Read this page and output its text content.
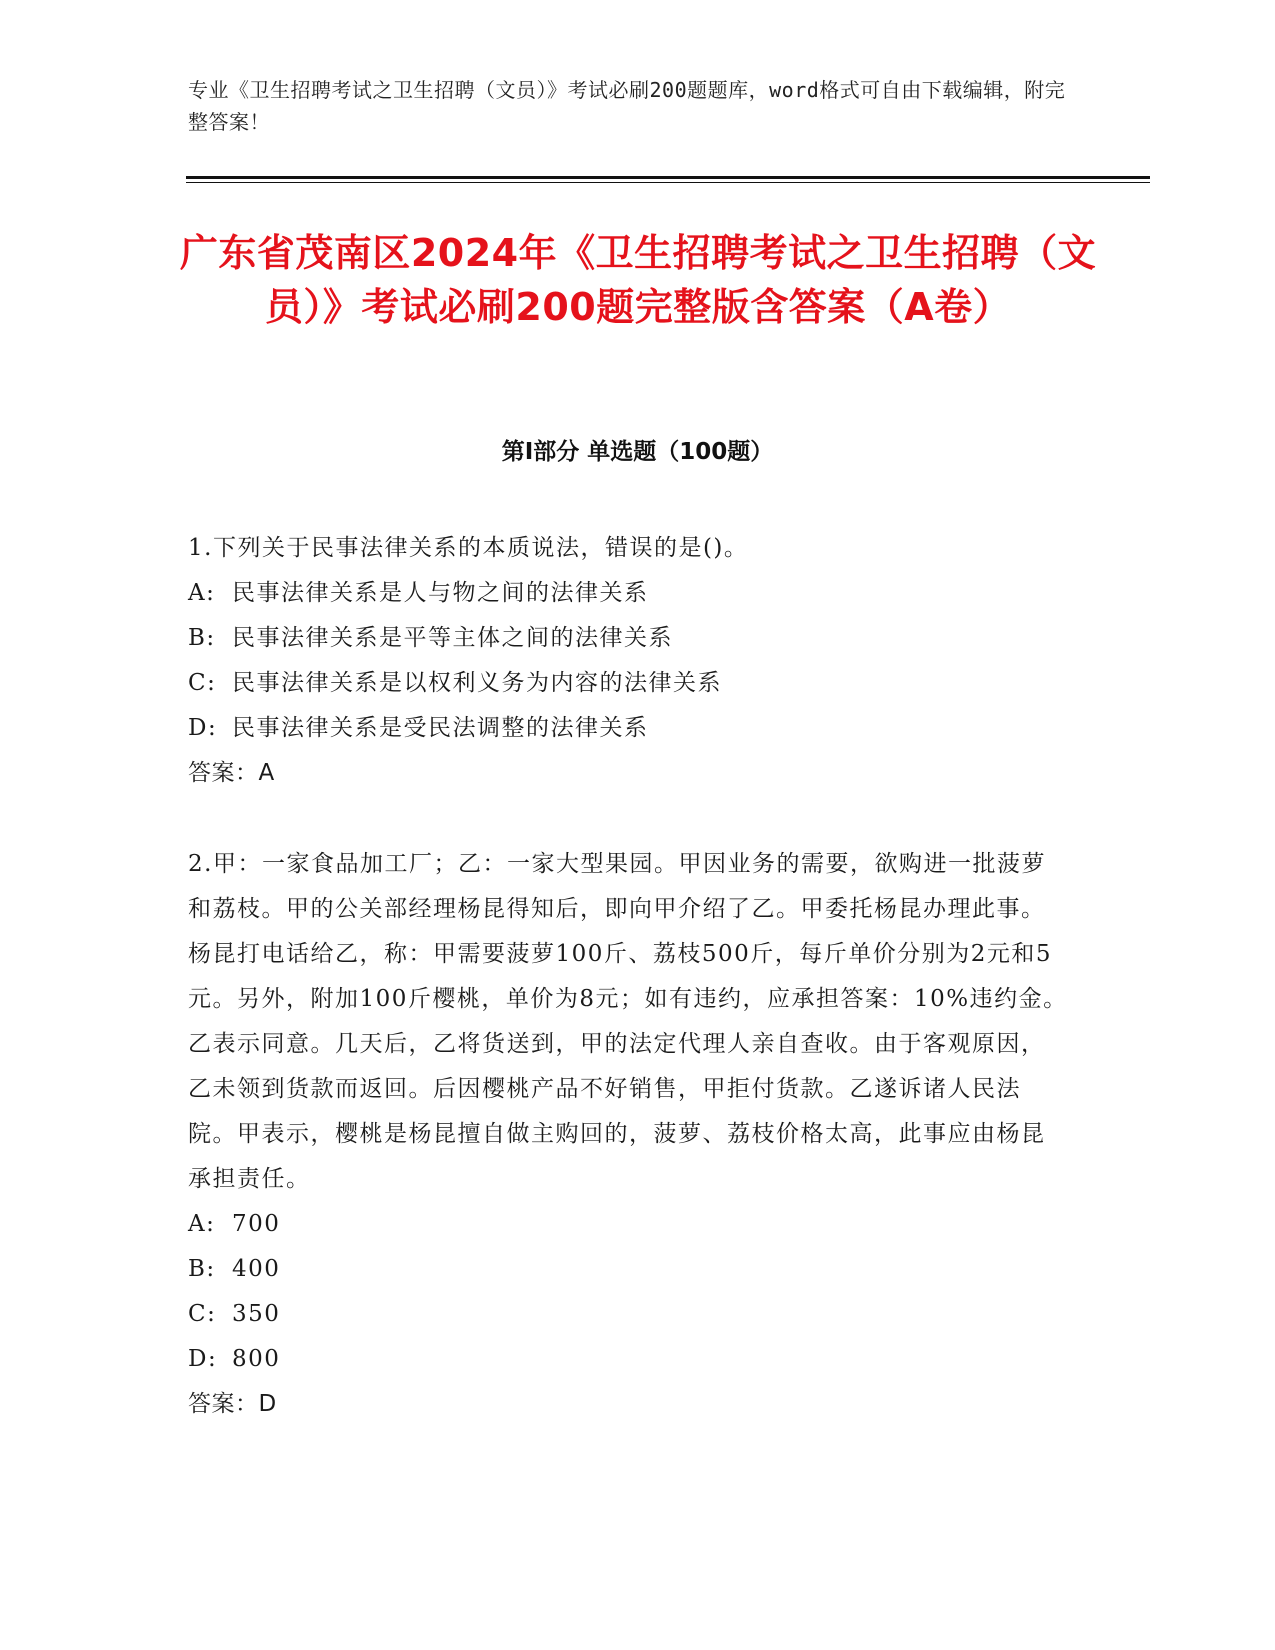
专业《卫生招聘考试之卫生招聘（文员）》考试必刷200题题库，word格式可自由下载编辑，附完整答案！
广东省茂南区2024年《卫生招聘考试之卫生招聘（文员）》考试必刷200题完整版含答案（A卷）
第Ⅰ部分 单选题（100题）
1.下列关于民事法律关系的本质说法，错误的是()。
A: 民事法律关系是人与物之间的法律关系
B: 民事法律关系是平等主体之间的法律关系
C: 民事法律关系是以权利义务为内容的法律关系
D: 民事法律关系是受民法调整的法律关系
答案：A
2.甲：一家食品加工厂；乙：一家大型果园。甲因业务的需要，欲购进一批菠萝和荔枝。甲的公关部经理杨昆得知后，即向甲介绍了乙。甲委托杨昆办理此事。杨昆打电话给乙，称：甲需要菠萝100斤、荔枝500斤，每斤单价分别为2元和5元。另外，附加100斤樱桃，单价为8元；如有违约，应承担答案：10%违约金。乙表示同意。几天后，乙将货送到，甲的法定代理人亲自查收。由于客观原因，乙未领到货款而返回。后因樱桃产品不好销售，甲拒付货款。乙遂诉诸人民法院。甲表示，樱桃是杨昆擅自做主购回的，菠萝、荔枝价格太高，此事应由杨昆承担责任。
A: 700
B: 400
C: 350
D: 800
答案：D
